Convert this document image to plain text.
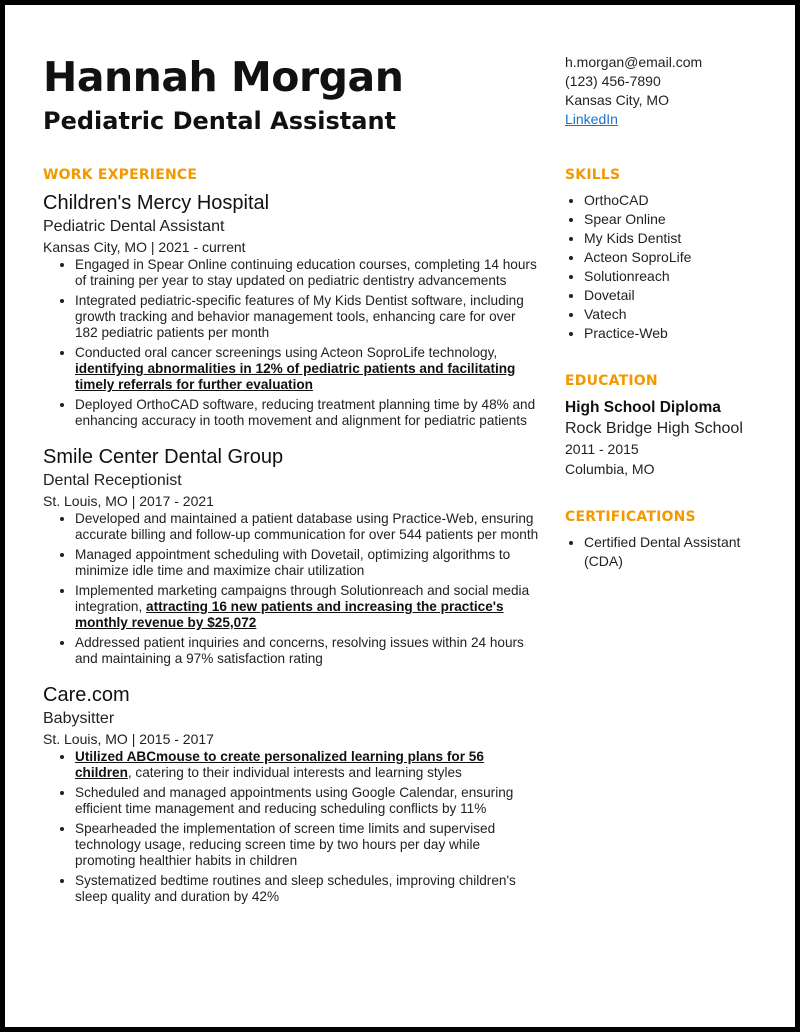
Hannah Morgan
Pediatric Dental Assistant
h.morgan@email.com
(123) 456-7890
Kansas City, MO
LinkedIn
WORK EXPERIENCE
Children's Mercy Hospital
Pediatric Dental Assistant
Kansas City, MO | 2021 - current
• Engaged in Spear Online continuing education courses, completing 14 hours of training per year to stay updated on pediatric dentistry advancements
• Integrated pediatric-specific features of My Kids Dentist software, including growth tracking and behavior management tools, enhancing care for over 182 pediatric patients per month
• Conducted oral cancer screenings using Acteon SoproLife technology, identifying abnormalities in 12% of pediatric patients and facilitating timely referrals for further evaluation
• Deployed OrthoCAD software, reducing treatment planning time by 48% and enhancing accuracy in tooth movement and alignment for pediatric patients
Smile Center Dental Group
Dental Receptionist
St. Louis, MO | 2017 - 2021
• Developed and maintained a patient database using Practice-Web, ensuring accurate billing and follow-up communication for over 544 patients per month
• Managed appointment scheduling with Dovetail, optimizing algorithms to minimize idle time and maximize chair utilization
• Implemented marketing campaigns through Solutionreach and social media integration, attracting 16 new patients and increasing the practice's monthly revenue by $25,072
• Addressed patient inquiries and concerns, resolving issues within 24 hours and maintaining a 97% satisfaction rating
Care.com
Babysitter
St. Louis, MO | 2015 - 2017
• Utilized ABCmouse to create personalized learning plans for 56 children, catering to their individual interests and learning styles
• Scheduled and managed appointments using Google Calendar, ensuring efficient time management and reducing scheduling conflicts by 11%
• Spearheaded the implementation of screen time limits and supervised technology usage, reducing screen time by two hours per day while promoting healthier habits in children
• Systematized bedtime routines and sleep schedules, improving children's sleep quality and duration by 42%
SKILLS
• OrthoCAD
• Spear Online
• My Kids Dentist
• Acteon SoproLife
• Solutionreach
• Dovetail
• Vatech
• Practice-Web
EDUCATION
High School Diploma
Rock Bridge High School
2011 - 2015
Columbia, MO
CERTIFICATIONS
• Certified Dental Assistant (CDA)
